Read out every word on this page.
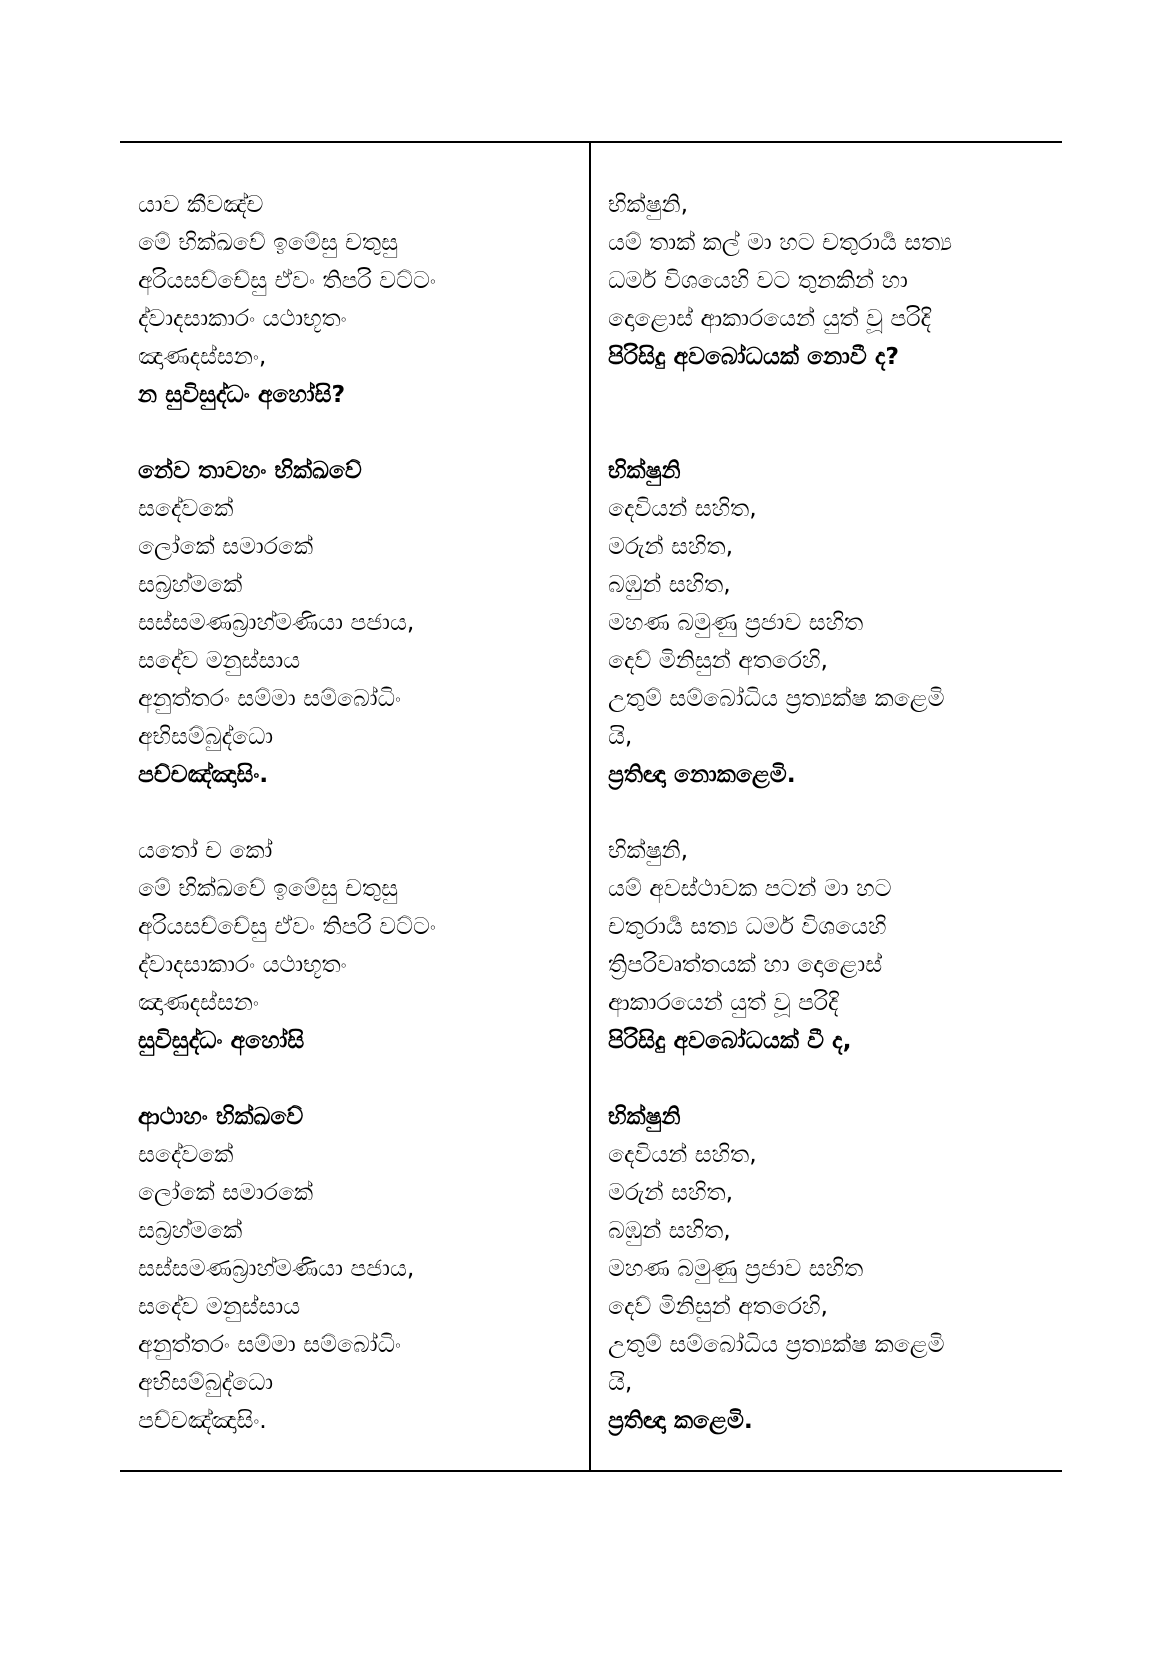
යාව කීවඤ්ච
මේ භික්ඛවේ ඉමේසු චතුසු
අරියසච්චේසු ඒවං තිපරි වට්ටං
ද්වාදසාකාරං යථාභූතං
ඤාණදස්සනං,
න සුවිසුද්ධං අහෝසි?
නේව තාවහං භික්ඛවේ
සදේවකේ
ලෝකේ සමාරකේ
සබ්‍රහ්මකේ
සස්සමණබ්‍රාහ්මණියා පජාය,
සදේව මනුස්සාය
අනුත්තරං සම්මා සම්බෝධිං
අභිසම්බුද්ධො
පච්චඤ්ඤාසිං.
යතෝ ච කෝ
මේ භික්ඛවේ ඉමේසු චතුසු
අරියසච්චේසු ඒවං තිපරි වට්ටං
ද්වාදසාකාරං යථාභූතං
ඤාණදස්සනං
සුවිසුද්ධං අහෝසි
ආථාහං භික්ඛවේ
සදේවකේ
ලෝකේ සමාරකේ
සබ්‍රහ්මකේ
සස්සමණබ්‍රාහ්මණියා පජාය,
සදේව මනුස්සාය
අනුත්තරං සම්මා සම්බෝධිං
අභිසම්බුද්ධො
පච්චඤ්ඤාසිං.
භික්ෂුනි,
යම් තාක් කල් මා හට චතුරාර්‍ය සත්‍ය
ධර්ම විශයෙහි වට තුනකින් හා
දොළොස් ආකාරයෙන් යුත් වූ පරිදි
පිරිසිදු අවබෝධයක් නොවී ද?
භික්ෂුනි
දෙවියන් සහිත,
මරුන් සහිත,
බඹුන් සහිත,
මහණ බමුණු ප්‍රජාව සහිත
දෙව් මිනිසුන් අතරෙහි,
උතුම් සම්බෝධිය ප්‍රත්‍යක්ෂ කළෙමි
යි,
ප්‍රතිඥා නොකළෙමි.
භික්ෂුනි,
යම් අවස්ථාවක පටන් මා හට
චතුරාර්‍ය සත්‍ය ධර්ම විශයෙහි
ත්‍රිපරිවෘත්තයක් හා දොළොස්
ආකාරයෙන් යුත් වූ පරිදි
පිරිසිදු අවබෝධයක් වී ද,
භික්ෂුනි
දෙවියන් සහිත,
මරුන් සහිත,
බඹුන් සහිත,
මහණ බමුණු ප්‍රජාව සහිත
දෙව් මිනිසුන් අතරෙහි,
උතුම් සම්බෝධිය ප්‍රත්‍යක්ෂ කළෙමි
යි,
ප්‍රතිඥා කළෙමි.
